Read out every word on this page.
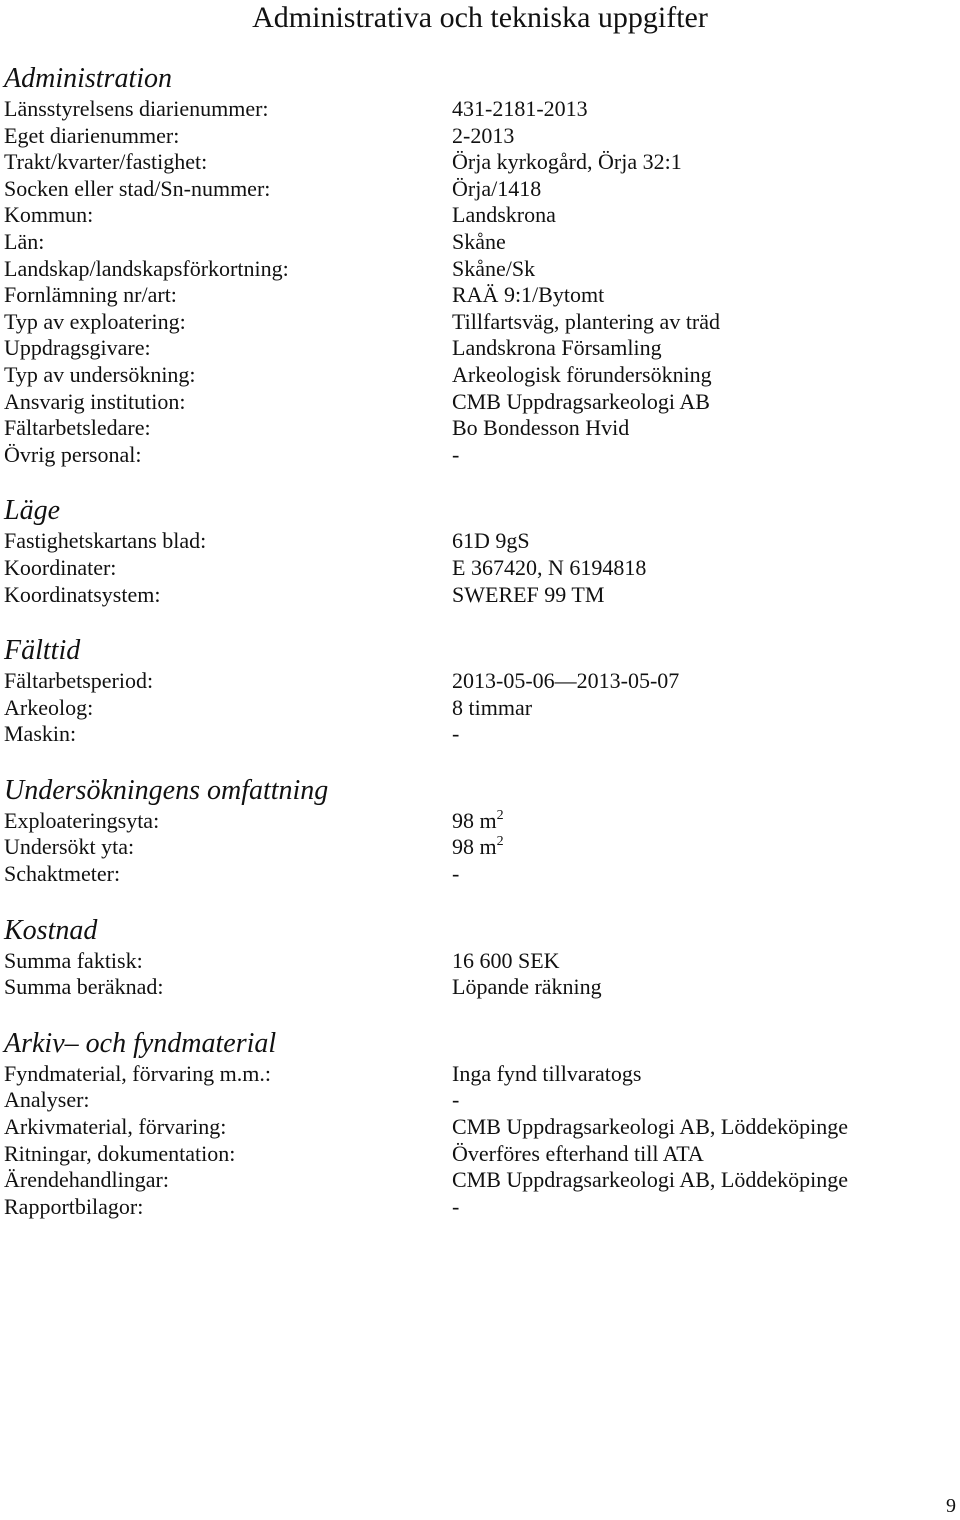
Administrativa och tekniska uppgifter
Administration
Länsstyrelsens diarienummer:	431-2181-2013
Eget diarienummer:	2-2013
Trakt/kvarter/fastighet:	Örja kyrkogård, Örja 32:1
Socken eller stad/Sn-nummer:	Örja/1418
Kommun:	Landskrona
Län:	Skåne
Landskap/landskapsförkortning:	Skåne/Sk
Fornlämning nr/art:	RAÄ 9:1/Bytomt
Typ av exploatering:	Tillfartsväg, plantering av träd
Uppdragsgivare:	Landskrona Församling
Typ av undersökning:	Arkeologisk förundersökning
Ansvarig institution:	CMB Uppdragsarkeologi AB
Fältarbetsledare:	Bo Bondesson Hvid
Övrig personal:	-
Läge
Fastighetskartans blad:	61D 9gS
Koordinater:	E 367420, N 6194818
Koordinatsystem:	SWEREF 99 TM
Fälttid
Fältarbetsperiod:	2013-05-06—2013-05-07
Arkeolog:	8 timmar
Maskin:	-
Undersökningens omfattning
Exploateringsyta:	98 $m^2$
Undersökt yta:	98 $m^2$
Schaktmeter:	-
Kostnad
Summa faktisk:	16 600 SEK
Summa beräknad:	Löpande räkning
Arkiv– och fyndmaterial
Fyndmaterial, förvaring m.m.:	Inga fynd tillvaratogs
Analyser:	-
Arkivmaterial, förvaring:	CMB Uppdragsarkeologi AB, Löddeköpinge
Ritningar, dokumentation:	Överföres efterhand till ATA
Ärendehandlingar:	CMB Uppdragsarkeologi AB, Löddeköpinge
Rapportbilagor:	-
9
